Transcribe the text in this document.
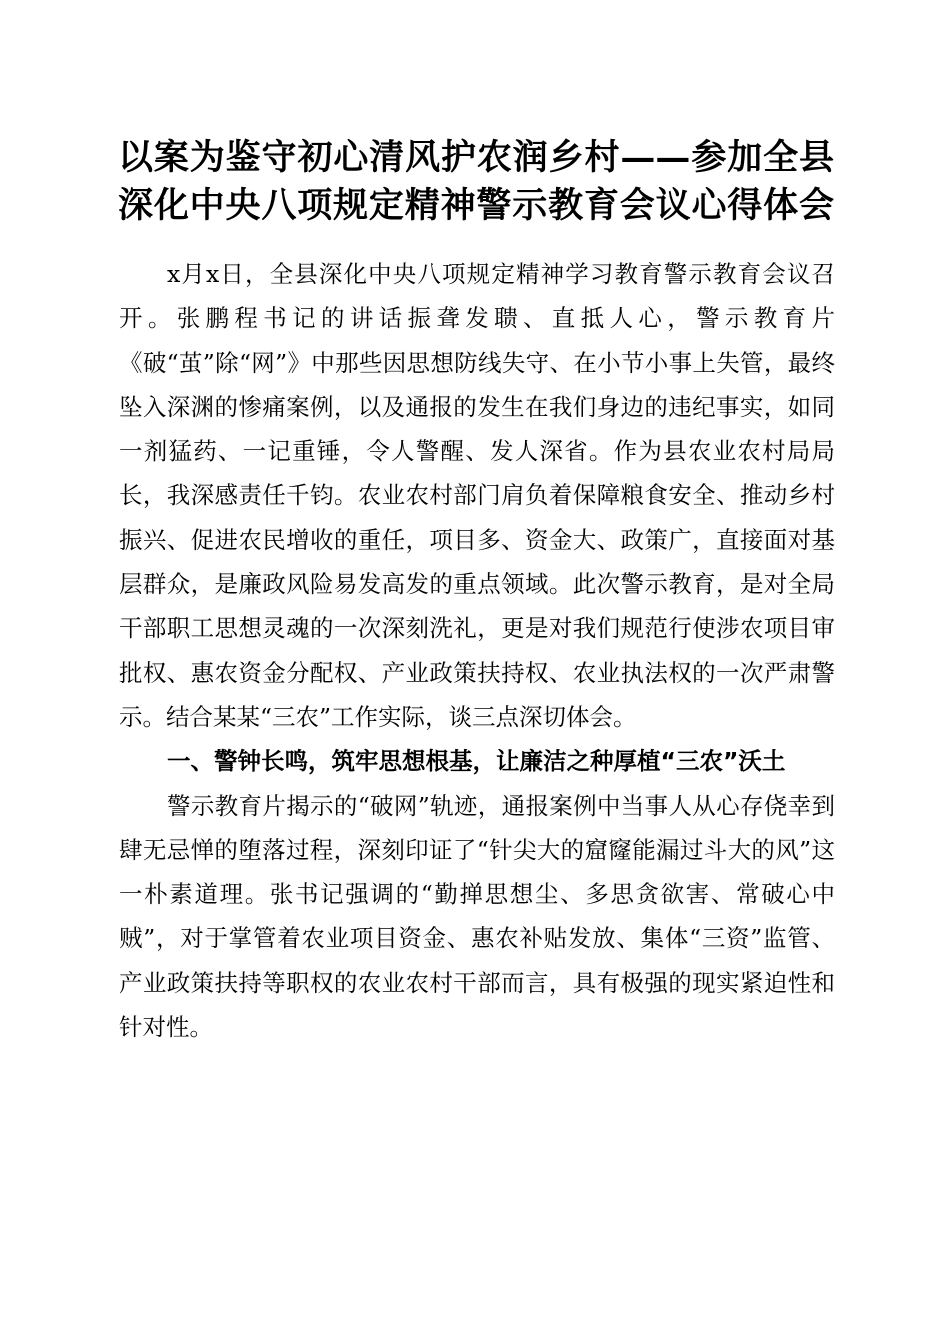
以案为鉴守初心清风护农润乡村——参加全县
深化中央八项规定精神警示教育会议心得体会

x月x日，全县深化中央八项规定精神学习教育警示教育会议召开。张鹏程书记的讲话振聋发聩、直抵人心，警示教育片《破“茧”除“网”》中那些因思想防线失守、在小节小事上失管，最终坠入深渊的惨痛案例，以及通报的发生在我们身边的违纪事实，如同一剂猛药、一记重锤，令人警醒、发人深省。作为县农业农村局局长，我深感责任千钧。农业农村部门肩负着保障粮食安全、推动乡村振兴、促进农民增收的重任，项目多、资金大、政策广，直接面对基层群众，是廉政风险易发高发的重点领域。此次警示教育，是对全局干部职工思想灵魂的一次深刻洗礼，更是对我们规范行使涉农项目审批权、惠农资金分配权、产业政策扶持权、农业执法权的一次严肃警示。结合某某“三农”工作实际，谈三点深切体会。

一、警钟长鸣，筑牢思想根基，让廉洁之种厚植“三农”沃土

警示教育片揭示的“破网”轨迹，通报案例中当事人从心存侥幸到肆无忌惮的堕落过程，深刻印证了“针尖大的窟窿能漏过斗大的风”这一朴素道理。张书记强调的“勤掸思想尘、多思贪欲害、常破心中贼”，对于掌管着农业项目资金、惠农补贴发放、集体“三资”监管、产业政策扶持等职权的农业农村干部而言，具有极强的现实紧迫性和针对性。
